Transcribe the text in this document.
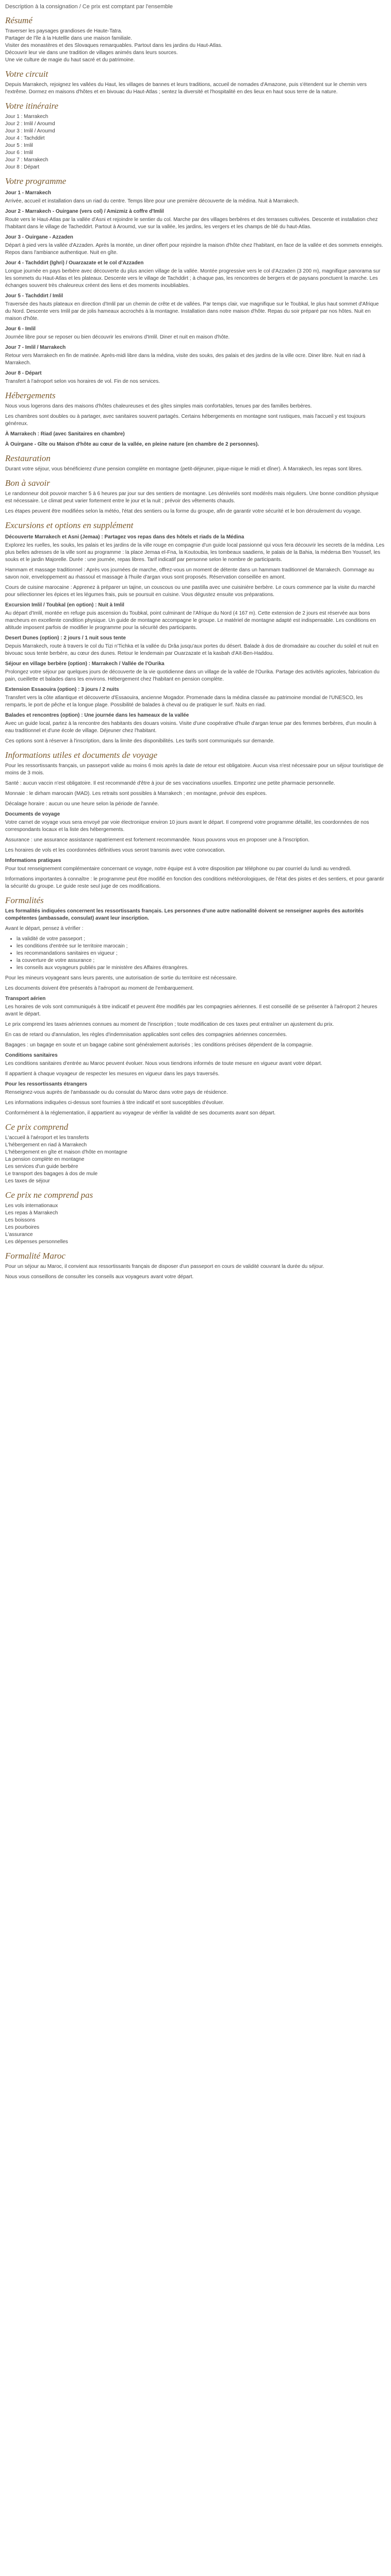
Description à la consignation / Ce prix est comptant par l'ensemble
Résumé
Traverser les paysages grandioses de Haute-Tatra.
Partager de l'île à la Hutellle dans une maison familiale.
Visiter des monastères et des Slovaques remarquables. Partout dans les jardins du Haut-Atlas.
Découvrir leur vie dans une tradition de villages animés dans leurs sources.
Une vie culture de magie du haut sacré et du patrimoine.
Votre circuit

Depuis Marrakech, rejoignez les vallées du Haut, les villages de bannes et leurs traditions, accueil de nomades d'Amazone, puis s'étendent sur le chemin vers l'extrême. Dormez en maisons d'hôtes et en bivouac du Haut-Atlas ; sentez la diversité et l'hospitalité en des lieux en haut sous terre de la nature.

Votre itinéraire
Jour 1 : Marrakech
Jour 2 : Imlil / Aroumd
Jour 3 : Imlil / Aroumd
Jour 4 : Tachddirt
Jour 5 : Imlil
Jour 6 : Imlil
Jour 7 : Marrakech
Jour 8 : Départ
Votre programme
Jour 1 - Marrakech

Arrivée, accueil et installation dans un riad du centre. Temps libre pour une première découverte de la médina. Nuit à Marrakech.

Jour 2 - Marrakech - Ouirgane (vers col) / Amizmiz à coffre d'Imlil

Route vers le Haut-Atlas par la vallée d'Asni et rejoindre le sentier du col. Marche par des villages berbères et des terrasses cultivées. Descente et installation chez l'habitant dans le village de Tacheddirt. Partout à Aroumd, vue sur la vallée, les jardins, les vergers et les champs de blé du haut-Atlas.

Jour 3 - Ouirgane - Azzaden

Départ à pied vers la vallée d'Azzaden. Après la montée, un diner offert pour rejoindre la maison d'hôte chez l'habitant, en face de la vallée et des sommets enneigés. Repos dans l'ambiance authentique. Nuit en gîte.

Jour 4 - Tachddirt (Ighri) / Ouarzazate et le col d'Azzaden

Longue journée en pays berbère avec découverte du plus ancien village de la vallée. Montée progressive vers le col d'Azzaden (3 200 m), magnifique panorama sur les sommets du Haut-Atlas et les plateaux. Descente vers le village de Tachddirt ; à chaque pas, les rencontres de bergers et de paysans ponctuent la marche. Les échanges souvent très chaleureux créent des liens et des moments inoubliables.

Jour 5 - Tachddirt / Imlil

Traversée des hauts plateaux en direction d'Imlil par un chemin de crête et de vallées. Par temps clair, vue magnifique sur le Toubkal, le plus haut sommet d'Afrique du Nord. Descente vers Imlil par de jolis hameaux accrochés à la montagne. Installation dans notre maison d'hôte. Repas du soir préparé par nos hôtes. Nuit en maison d'hôte.

Jour 6 - Imlil

Journée libre pour se reposer ou bien découvrir les environs d'Imlil. Diner et nuit en maison d'hôte.

Jour 7 - Imlil / Marrakech

Retour vers Marrakech en fin de matinée. Après-midi libre dans la médina, visite des souks, des palais et des jardins de la ville ocre. Diner libre. Nuit en riad à Marrakech.

Jour 8 - Départ

Transfert à l'aéroport selon vos horaires de vol. Fin de nos services.

Hébergements

Nous vous logerons dans des maisons d'hôtes chaleureuses et des gîtes simples mais confortables, tenues par des familles berbères.

Les chambres sont doubles ou à partager, avec sanitaires souvent partagés. Certains hébergements en montagne sont rustiques, mais l'accueil y est toujours généreux.

À Marrakech : Riad (avec Sanitaires en chambre)

À Ouirgane - Gîte ou Maison d'hôte au cœur de la vallée, en pleine nature (en chambre de 2 personnes).

Restauration

Durant votre séjour, vous bénéficierez d'une pension complète en montagne (petit-déjeuner, pique-nique le midi et dîner). À Marrakech, les repas sont libres.

Bon à savoir

Le randonneur doit pouvoir marcher 5 à 6 heures par jour sur des sentiers de montagne. Les dénivelés sont modérés mais réguliers. Une bonne condition physique est nécessaire. Le climat peut varier fortement entre le jour et la nuit ; prévoir des vêtements chauds.

Les étapes peuvent être modifiées selon la météo, l'état des sentiers ou la forme du groupe, afin de garantir votre sécurité et le bon déroulement du voyage.

Excursions et options en supplément
Découverte Marrakech et Asni (Jemaa) : Partagez vos repas dans des hôtels et riads de la Médina

Explorez les ruelles, les souks, les palais et les jardins de la ville rouge en compagnie d'un guide local passionné qui vous fera découvrir les secrets de la médina. Les plus belles adresses de la ville sont au programme : la place Jemaa el-Fna, la Koutoubia, les tombeaux saadiens, le palais de la Bahia, la médersa Ben Youssef, les souks et le jardin Majorelle. Durée : une journée, repas libres. Tarif indicatif par personne selon le nombre de participants.

Hammam et massage traditionnel : Après vos journées de marche, offrez-vous un moment de détente dans un hammam traditionnel de Marrakech. Gommage au savon noir, enveloppement au rhassoul et massage à l'huile d'argan vous sont proposés. Réservation conseillée en amont.

Cours de cuisine marocaine : Apprenez à préparer un tajine, un couscous ou une pastilla avec une cuisinière berbère. Le cours commence par la visite du marché pour sélectionner les épices et les légumes frais, puis se poursuit en cuisine. Vous dégustez ensuite vos préparations.

Excursion Imlil / Toubkal (en option) : Nuit à Imlil

Au départ d'Imlil, montée en refuge puis ascension du Toubkal, point culminant de l'Afrique du Nord (4 167 m). Cette extension de 2 jours est réservée aux bons marcheurs en excellente condition physique. Un guide de montagne accompagne le groupe. Le matériel de montagne adapté est indispensable. Les conditions en altitude imposent parfois de modifier le programme pour la sécurité des participants.

Desert Dunes (option) : 2 jours / 1 nuit sous tente

Depuis Marrakech, route à travers le col du Tizi n'Tichka et la vallée du Drâa jusqu'aux portes du désert. Balade à dos de dromadaire au coucher du soleil et nuit en bivouac sous tente berbère, au cœur des dunes. Retour le lendemain par Ouarzazate et la kasbah d'Aït-Ben-Haddou.

Séjour en village berbère (option) : Marrakech / Vallée de l'Ourika

Prolongez votre séjour par quelques jours de découverte de la vie quotidienne dans un village de la vallée de l'Ourika. Partage des activités agricoles, fabrication du pain, cueillette et balades dans les environs. Hébergement chez l'habitant en pension complète.

Extension Essaouira (option) : 3 jours / 2 nuits

Transfert vers la côte atlantique et découverte d'Essaouira, ancienne Mogador. Promenade dans la médina classée au patrimoine mondial de l'UNESCO, les remparts, le port de pêche et la longue plage. Possibilité de balades à cheval ou de pratiquer le surf. Nuits en riad.

Balades et rencontres (option) : Une journée dans les hameaux de la vallée

Avec un guide local, partez à la rencontre des habitants des douars voisins. Visite d'une coopérative d'huile d'argan tenue par des femmes berbères, d'un moulin à eau traditionnel et d'une école de village. Déjeuner chez l'habitant.

Ces options sont à réserver à l'inscription, dans la limite des disponibilités. Les tarifs sont communiqués sur demande.

Informations utiles et documents de voyage

Pour les ressortissants français, un passeport valide au moins 6 mois après la date de retour est obligatoire. Aucun visa n'est nécessaire pour un séjour touristique de moins de 3 mois.

Santé : aucun vaccin n'est obligatoire. Il est recommandé d'être à jour de ses vaccinations usuelles. Emportez une petite pharmacie personnelle.

Monnaie : le dirham marocain (MAD). Les retraits sont possibles à Marrakech ; en montagne, prévoir des espèces.

Décalage horaire : aucun ou une heure selon la période de l'année.

Documents de voyage

Votre carnet de voyage vous sera envoyé par voie électronique environ 10 jours avant le départ. Il comprend votre programme détaillé, les coordonnées de nos correspondants locaux et la liste des hébergements.

Assurance : une assurance assistance rapatriement est fortement recommandée. Nous pouvons vous en proposer une à l'inscription.

Les horaires de vols et les coordonnées définitives vous seront transmis avec votre convocation.

Informations pratiques

Pour tout renseignement complémentaire concernant ce voyage, notre équipe est à votre disposition par téléphone ou par courriel du lundi au vendredi.

Informations importantes à connaître : le programme peut être modifié en fonction des conditions météorologiques, de l'état des pistes et des sentiers, et pour garantir la sécurité du groupe. Le guide reste seul juge de ces modifications.

Formalités

Les formalités indiquées concernent les ressortissants français. Les personnes d'une autre nationalité doivent se renseigner auprès des autorités compétentes (ambassade, consulat) avant leur inscription.

Avant le départ, pensez à vérifier :

• la validité de votre passeport ;
• les conditions d'entrée sur le territoire marocain ;
• les recommandations sanitaires en vigueur ;
• la couverture de votre assurance ;
• les conseils aux voyageurs publiés par le ministère des Affaires étrangères.

Pour les mineurs voyageant sans leurs parents, une autorisation de sortie du territoire est nécessaire.

Les documents doivent être présentés à l'aéroport au moment de l'embarquement.

Transport aérien

Les horaires de vols sont communiqués à titre indicatif et peuvent être modifiés par les compagnies aériennes. Il est conseillé de se présenter à l'aéroport 2 heures avant le départ.

Le prix comprend les taxes aériennes connues au moment de l'inscription ; toute modification de ces taxes peut entraîner un ajustement du prix.

En cas de retard ou d'annulation, les règles d'indemnisation applicables sont celles des compagnies aériennes concernées.

Bagages : un bagage en soute et un bagage cabine sont généralement autorisés ; les conditions précises dépendent de la compagnie.

Conditions sanitaires

Les conditions sanitaires d'entrée au Maroc peuvent évoluer. Nous vous tiendrons informés de toute mesure en vigueur avant votre départ.

Il appartient à chaque voyageur de respecter les mesures en vigueur dans les pays traversés.

Pour les ressortissants étrangers

Renseignez-vous auprès de l'ambassade ou du consulat du Maroc dans votre pays de résidence.

Les informations indiquées ci-dessus sont fournies à titre indicatif et sont susceptibles d'évoluer.

Conformément à la réglementation, il appartient au voyageur de vérifier la validité de ses documents avant son départ.

Ce prix comprend
L'accueil à l'aéroport et les transferts
L'hébergement en riad à Marrakech
L'hébergement en gîte et maison d'hôte en montagne
La pension complète en montagne
Les services d'un guide berbère
Le transport des bagages à dos de mule
Les taxes de séjour
Ce prix ne comprend pas
Les vols internationaux
Les repas à Marrakech
Les boissons
Les pourboires
L'assurance
Les dépenses personnelles
Formalité Maroc

Pour un séjour au Maroc, il convient aux ressortissants français de disposer d'un passeport en cours de validité couvrant la durée du séjour.

Nous vous conseillons de consulter les conseils aux voyageurs avant votre départ.
